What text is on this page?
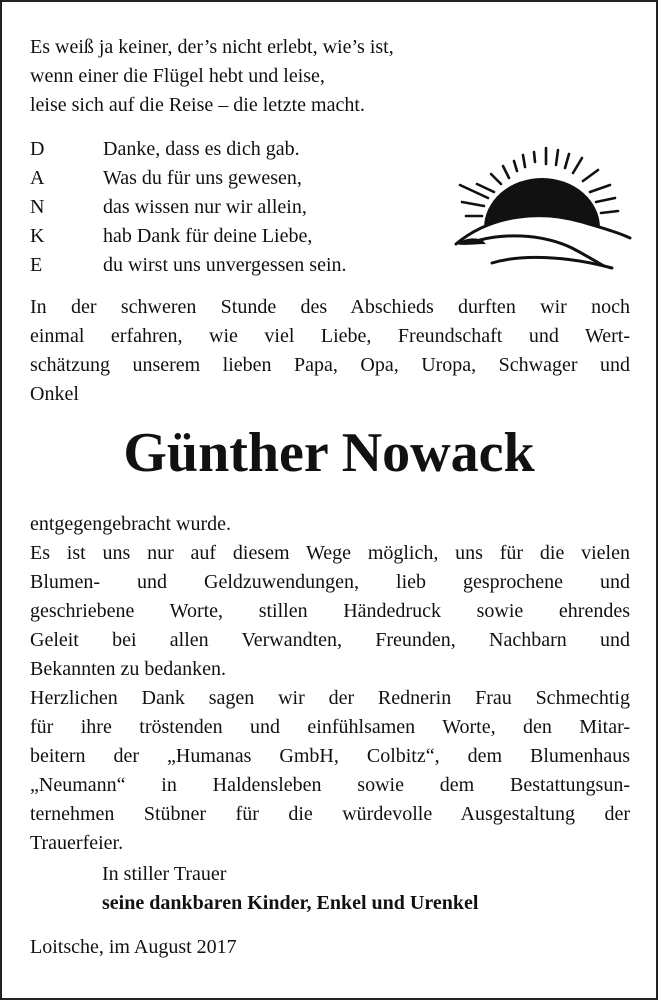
Es weiß ja keiner, der’s nicht erlebt, wie’s ist,
wenn einer die Flügel hebt und leise,
leise sich auf die Reise – die letzte macht.
D	Danke, dass es dich gab.
A	Was du für uns gewesen,
N	das wissen nur wir allein,
K	hab Dank für deine Liebe,
E	du wirst uns unvergessen sein.
In der schweren Stunde des Abschieds durften wir noch
einmal erfahren, wie viel Liebe, Freundschaft und Wert-
schätzung unserem lieben Papa, Opa, Uropa, Schwager und
Onkel
Günther Nowack
entgegengebracht wurde.
Es ist uns nur auf diesem Wege möglich, uns für die vielen
Blumen- und Geldzuwendungen, lieb gesprochene und
geschriebene Worte, stillen Händedruck sowie ehrendes
Geleit bei allen Verwandten, Freunden, Nachbarn und
Bekannten zu bedanken.
Herzlichen Dank sagen wir der Rednerin Frau Schmechtig
für ihre tröstenden und einfühlsamen Worte, den Mitar-
beitern der „Humanas GmbH, Colbitz“, dem Blumenhaus
„Neumann“ in Haldensleben sowie dem Bestattungsun-
ternehmen Stübner für die würdevolle Ausgestaltung der
Trauerfeier.
In stiller Trauer
seine dankbaren Kinder, Enkel und Urenkel
Loitsche, im August 2017
